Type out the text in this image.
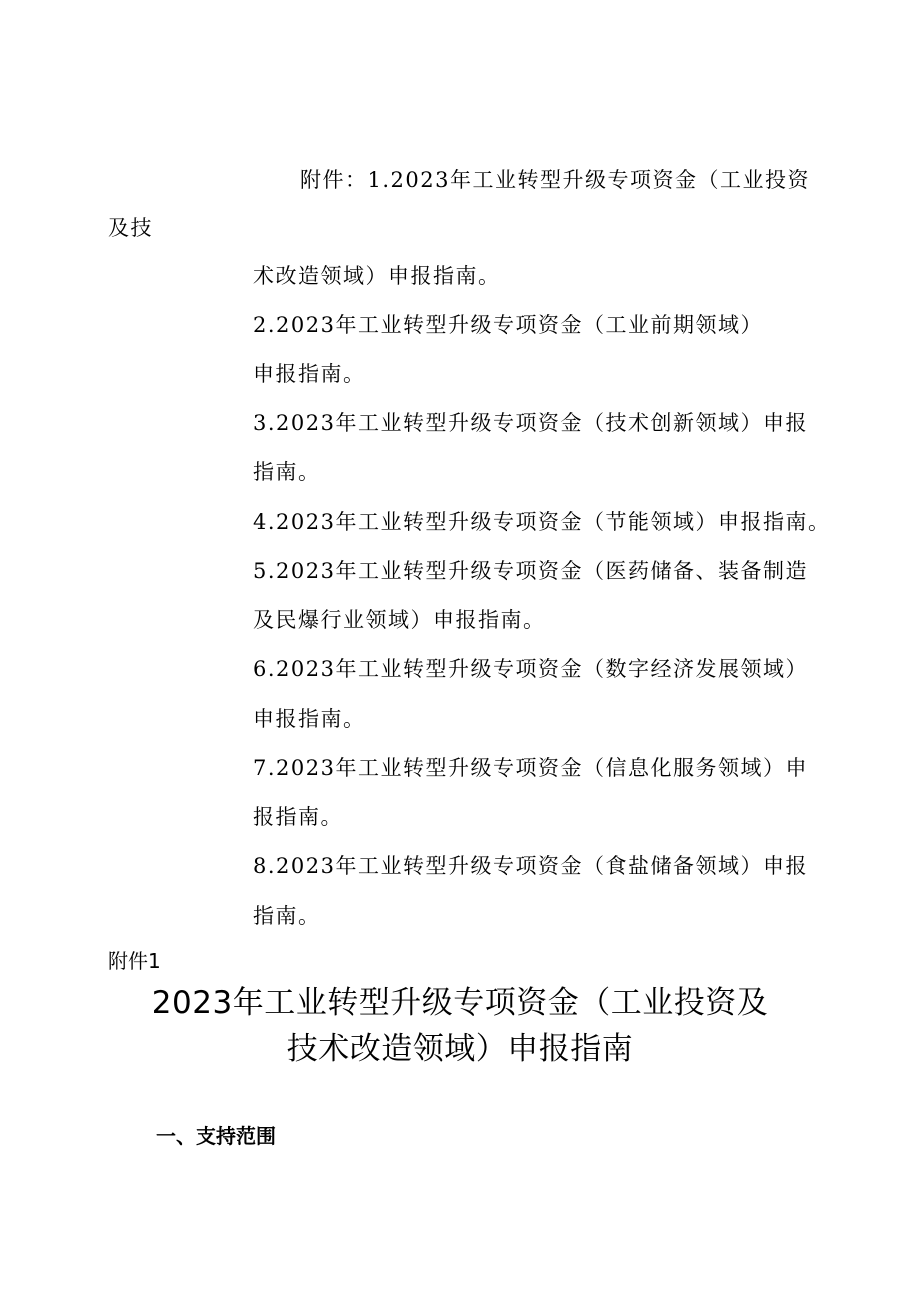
附件：1.2023年工业转型升级专项资金（工业投资

及技

术改造领域）申报指南。

2.2023年工业转型升级专项资金（工业前期领域）

申报指南。

3.2023年工业转型升级专项资金（技术创新领域）申报

指南。

4.2023年工业转型升级专项资金（节能领域）申报指南。

5.2023年工业转型升级专项资金（医药储备、装备制造

及民爆行业领域）申报指南。

6.2023年工业转型升级专项资金（数字经济发展领域）

申报指南。

7.2023年工业转型升级专项资金（信息化服务领域）申

报指南。

8.2023年工业转型升级专项资金（食盐储备领域）申报

指南。

附件1

2023年工业转型升级专项资金（工业投资及
技术改造领域）申报指南
一、支持范围
